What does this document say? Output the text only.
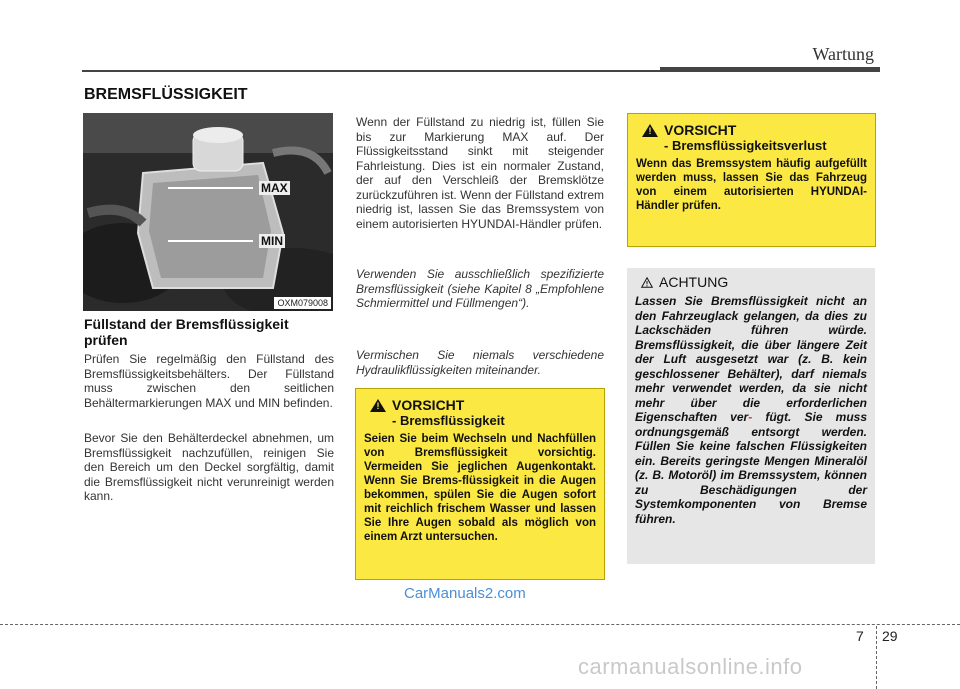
Wartung
BREMSFLÜSSIGKEIT
MAX
MIN
OXM079008
Füllstand der Bremsflüssigkeit prüfen
Prüfen Sie regelmäßig den Füllstand des Bremsflüssigkeitsbehälters. Der Füllstand muss zwischen den seitlichen Behältermarkierungen MAX und MIN befinden.
Bevor Sie den Behälterdeckel abnehmen, um Bremsflüssigkeit nachzufüllen, reinigen Sie den Bereich um den Deckel sorgfältig, damit die Bremsflüssigkeit nicht verunreinigt werden kann.
Wenn der Füllstand zu niedrig ist, füllen Sie bis zur Markierung MAX auf. Der Flüssigkeitsstand sinkt mit steigender Fahrleistung. Dies ist ein normaler Zustand, der auf den Verschleiß der Bremsklötze zurückzuführen ist. Wenn der Füllstand extrem niedrig ist, lassen Sie das Bremssystem von einem autorisierten HYUNDAI-Händler prüfen.
Verwenden Sie ausschließlich spezifizierte Bremsflüssigkeit (siehe Kapitel 8 „Empfohlene Schmiermittel und Füllmengen“).
Vermischen Sie niemals verschiedene Hydraulikflüssigkeiten miteinander.
! VORSICHT
- Bremsflüssigkeit
Seien Sie beim Wechseln und Nachfüllen von Bremsflüssigkeit vorsichtig. Vermeiden Sie jeglichen Augenkontakt. Wenn Sie Brems-flüssigkeit in die Augen bekommen, spülen Sie die Augen sofort mit reichlich frischem Wasser und lassen Sie Ihre Augen sobald als möglich von einem Arzt untersuchen.
! VORSICHT
- Bremsflüssigkeitsverlust
Wenn das Bremssystem häufig aufgefüllt werden muss, lassen Sie das Fahrzeug von einem autorisierten HYUNDAI-Händler prüfen.
ACHTUNG
Lassen Sie Bremsflüssigkeit nicht an den Fahrzeuglack gelangen, da dies zu Lackschäden führen würde. Bremsflüssigkeit, die über längere Zeit der Luft ausgesetzt war (z. B. kein geschlossener Behälter), darf niemals mehr verwendet werden, da sie nicht mehr über die erforderlichen Eigenschaften ver- fügt. Sie muss ordnungsgemäß entsorgt werden. Füllen Sie keine falschen Flüssigkeiten ein. Bereits geringste Mengen Mineralöl (z. B. Motoröl) im Bremssystem, können zu Beschädigungen der Systemkomponenten von Bremse führen.
CarManuals2.com
7 29
carmanualsonline.info
